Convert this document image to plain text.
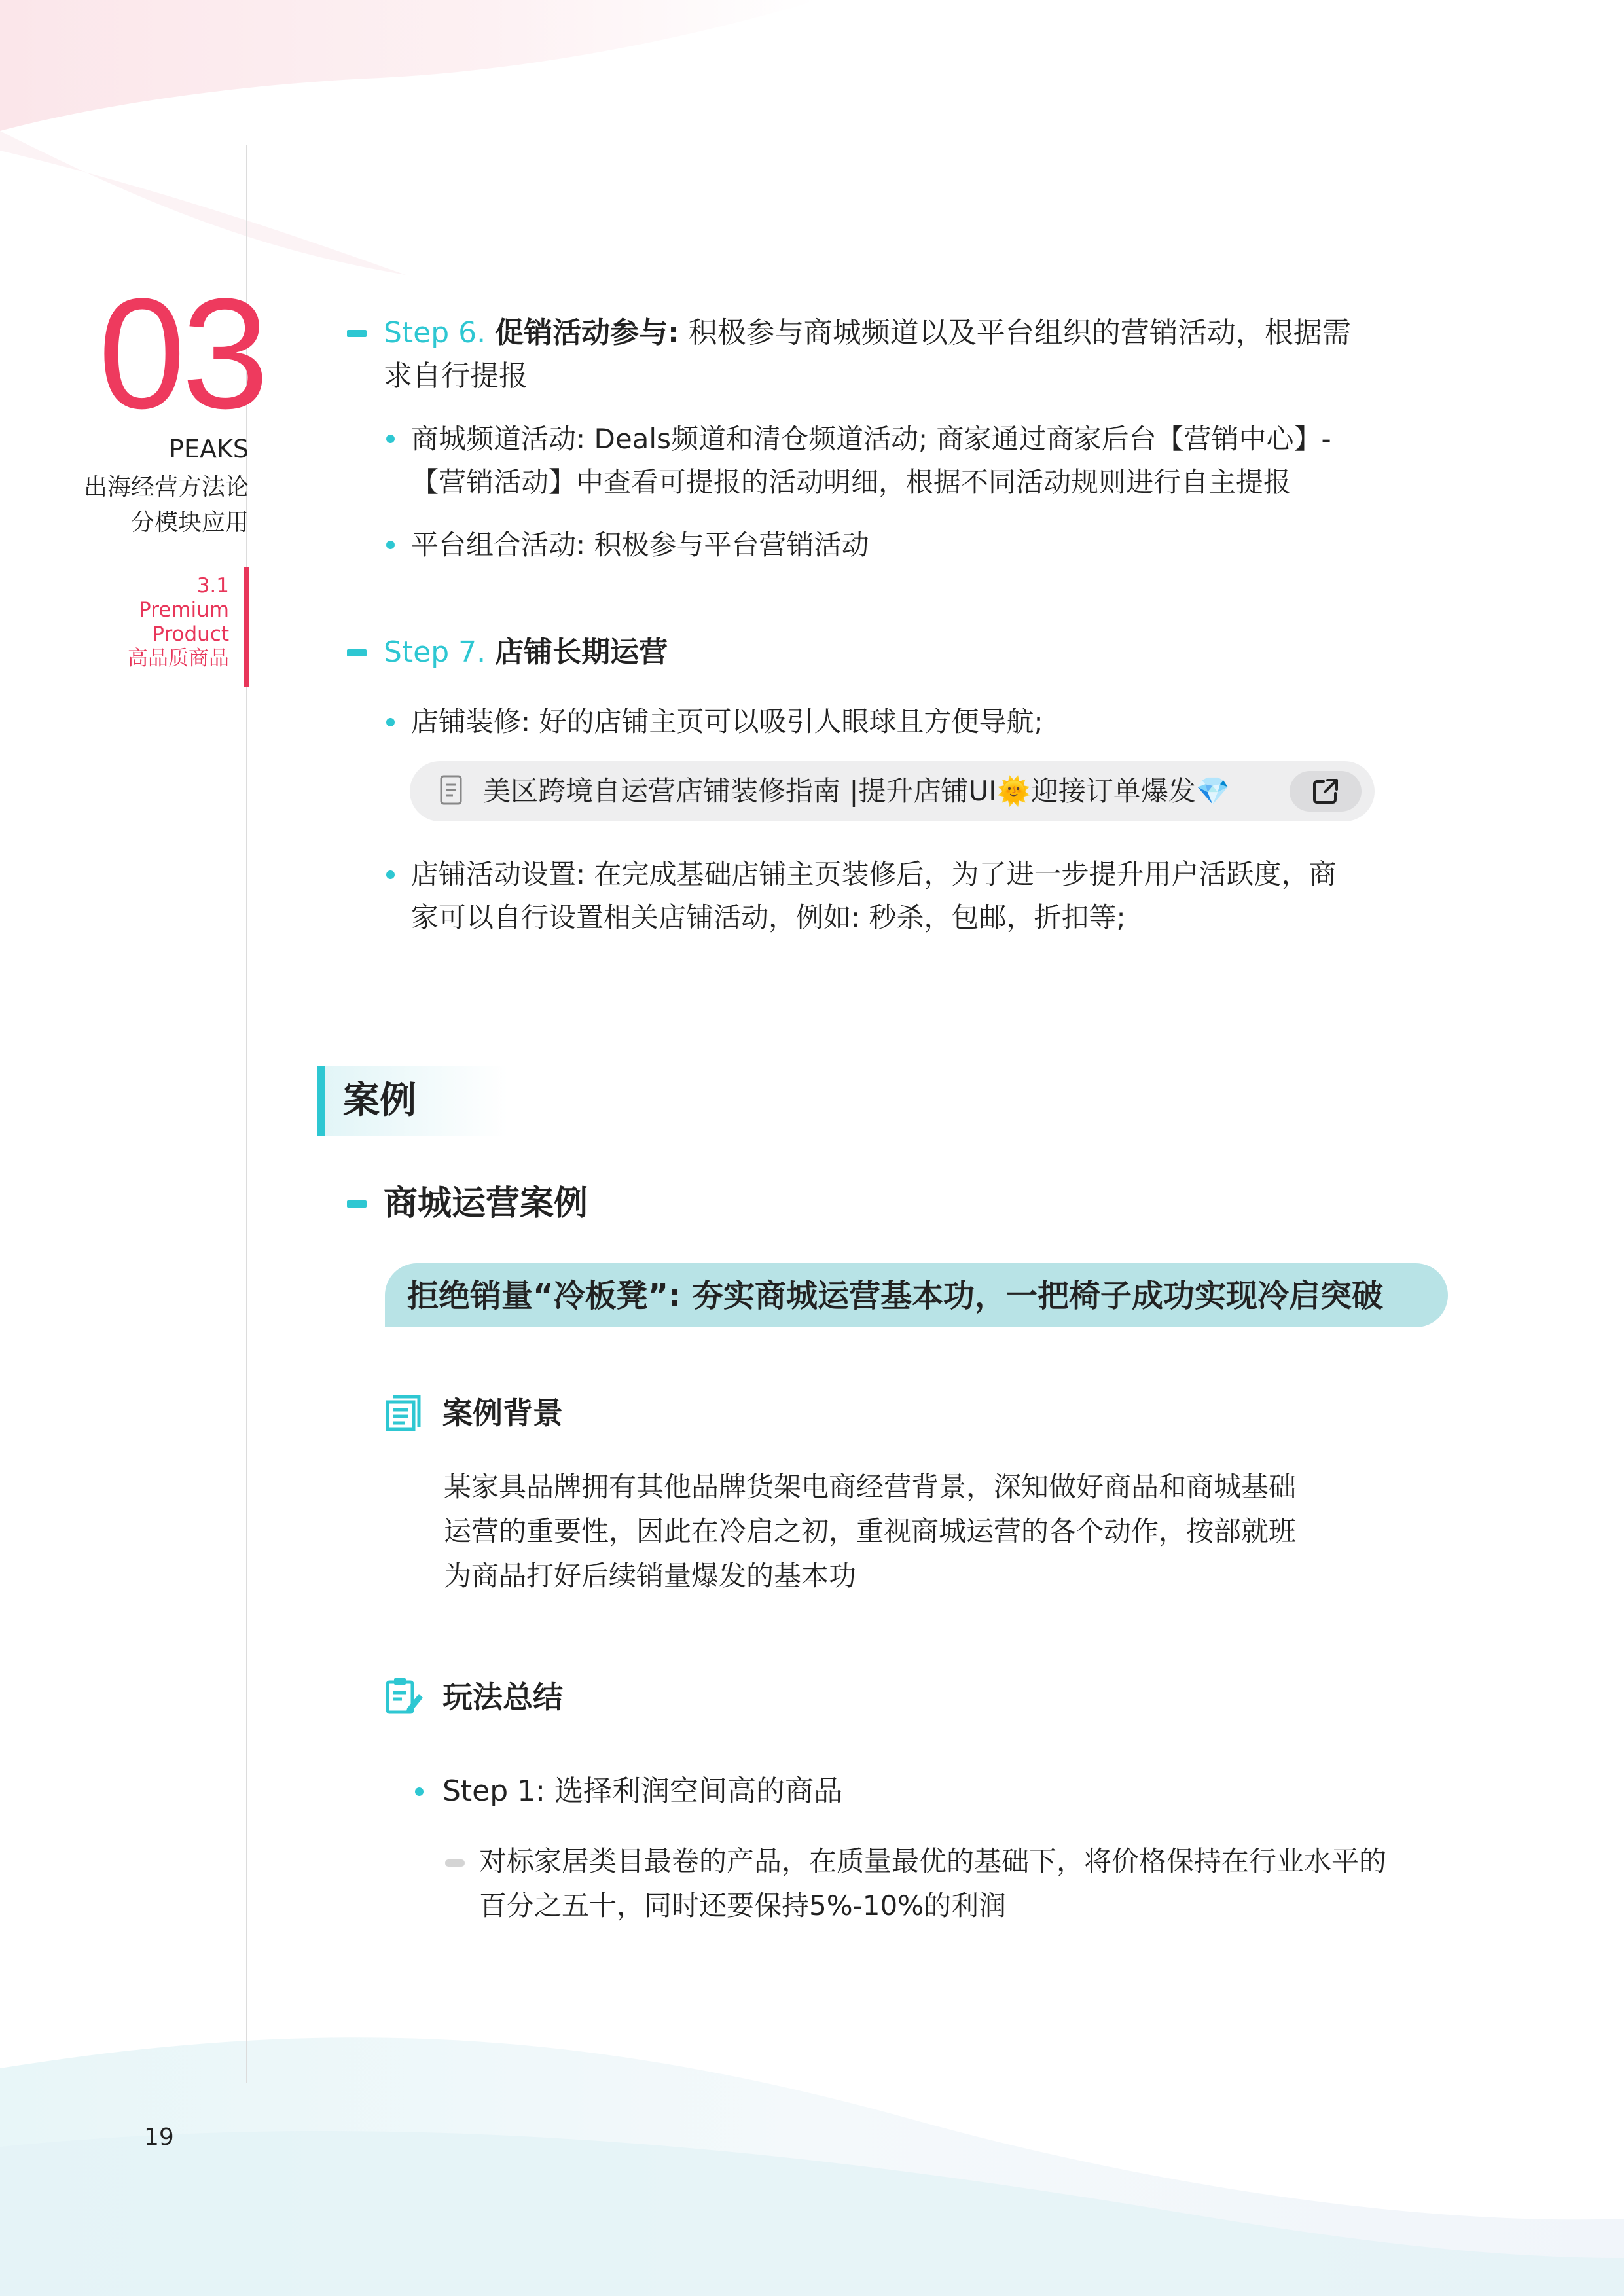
03
PEAKS
出海经营方法论
分模块应用
3.1
Premium
Product
高品质商品
19
Step 6. 促销活动参与: 积极参与商城频道以及平台组织的营销活动，根据需
求自行提报
商城频道活动: Deals频道和清仓频道活动; 商家通过商家后台【营销中心】-
【营销活动】中查看可提报的活动明细，根据不同活动规则进行自主提报
平台组合活动: 积极参与平台营销活动
Step 7. 店铺长期运营
店铺装修: 好的店铺主页可以吸引人眼球且方便导航;
美区跨境自运营店铺装修指南 |提升店铺UI🌞迎接订单爆发💎
店铺活动设置: 在完成基础店铺主页装修后，为了进一步提升用户活跃度，商
家可以自行设置相关店铺活动，例如: 秒杀，包邮，折扣等;
案例
商城运营案例
拒绝销量“冷板凳”: 夯实商城运营基本功，一把椅子成功实现冷启突破
案例背景
某家具品牌拥有其他品牌货架电商经营背景，深知做好商品和商城基础
运营的重要性，因此在冷启之初，重视商城运营的各个动作，按部就班
为商品打好后续销量爆发的基本功
玩法总结
Step 1: 选择利润空间高的商品
对标家居类目最卷的产品，在质量最优的基础下，将价格保持在行业水平的
百分之五十，同时还要保持5%-10%的利润
